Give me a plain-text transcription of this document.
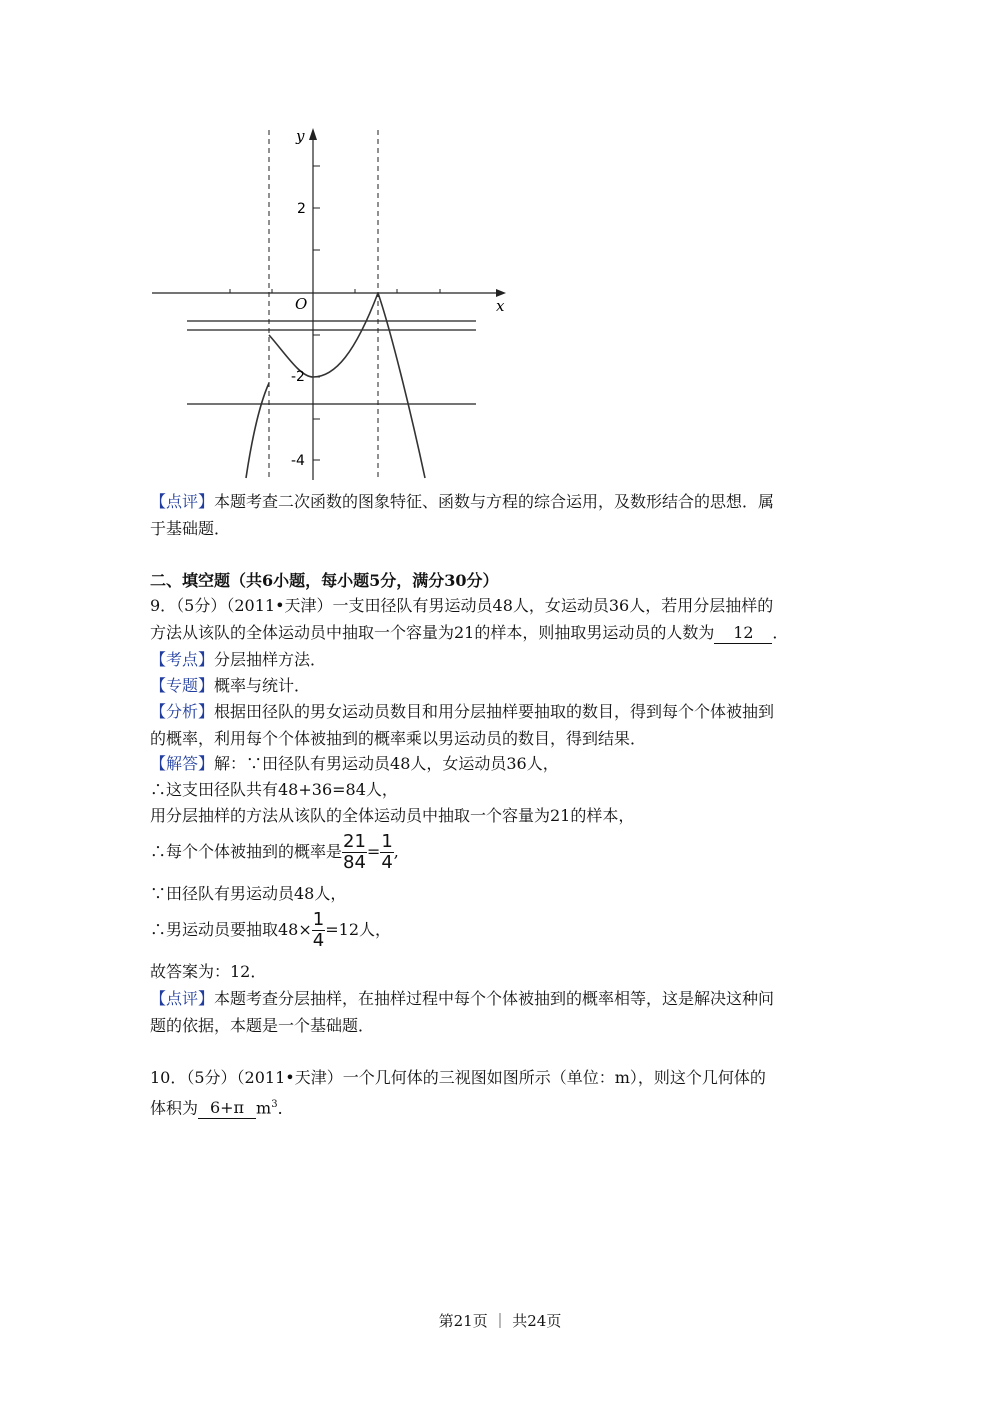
y
x
O
2
-2
-4
【点评】本题考查二次函数的图象特征、函数与方程的综合运用，及数形结合的思想．属
于基础题．
二、填空题（共6小题，每小题5分，满分30分）
9．（5分）（2011•天津）一支田径队有男运动员48人，女运动员36人，若用分层抽样的
方法从该队的全体运动员中抽取一个容量为21的样本，则抽取男运动员的人数为 12 ．
【考点】分层抽样方法．
【专题】概率与统计．
【分析】根据田径队的男女运动员数目和用分层抽样要抽取的数目，得到每个个体被抽到
的概率，利用每个个体被抽到的概率乘以男运动员的数目，得到结果．
【解答】解：∵田径队有男运动员48人，女运动员36人，
∴这支田径队共有48+36=84人，
用分层抽样的方法从该队的全体运动员中抽取一个容量为21的样本，
∴每个个体被抽到的概率是 $\frac{21}{84} = \frac{1}{4}$ ,
∵田径队有男运动员48人，
∴男运动员要抽取$48\times \frac{1}{4} =12$人，
故答案为：12．
【点评】本题考查分层抽样，在抽样过程中每个个体被抽到的概率相等，这是解决这种问
题的依据，本题是一个基础题．
10．（5分）（2011•天津）一个几何体的三视图如图所示（单位：m），则这个几何体的
体积为 6+π $m^3$．
第21页 ｜ 共24页
